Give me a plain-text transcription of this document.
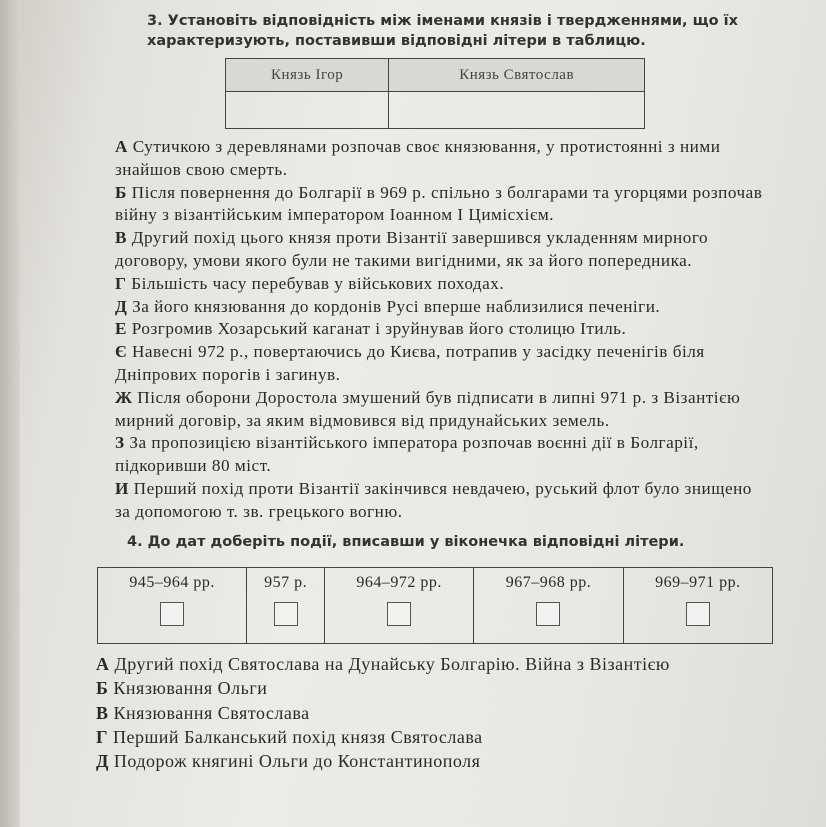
3. Установіть відповідність між іменами князів і твердженнями, що їх характеризують, поставивши відповідні літери в таблицю.
Князь Ігор	Князь Святослав

А Сутичкою з деревлянами розпочав своє князювання, у протистоянні з ними знайшов свою смерть.

Б Після повернення до Болгарії в 969 р. спільно з болгарами та угорцями розпочав війну з візантійським імператором Іоанном І Цимісхієм.

В Другий похід цього князя проти Візантії завершився укладенням мирного договору, умови якого були не такими вигідними, як за його попередника.

Г Більшість часу перебував у військових походах.

Д За його князювання до кордонів Русі вперше наблизилися печеніги.

Е Розгромив Хозарський каганат і зруйнував його столицю Ітиль.

Є Навесні 972 р., повертаючись до Києва, потрапив у засідку печенігів біля Дніпрових порогів і загинув.

Ж Після оборони Доростола змушений був підписати в липні 971 р. з Візантією мирний договір, за яким відмовився від придунайських земель.

З За пропозицією візантійського імператора розпочав воєнні дії в Болгарії, підкоривши 80 міст.

И Перший похід проти Візантії закінчився невдачею, руський флот було знищено за допомогою т. зв. грецького вогню.

4. До дат доберіть події, вписавши у віконечка відповідні літери.
945–964 рр.	957 р.	964–972 рр.	967–968 рр.	969–971 рр.

А Другий похід Святослава на Дунайську Болгарію. Війна з Візантією

Б Князювання Ольги

В Князювання Святослава

Г Перший Балканський похід князя Святослава

Д Подорож княгині Ольги до Константинополя
